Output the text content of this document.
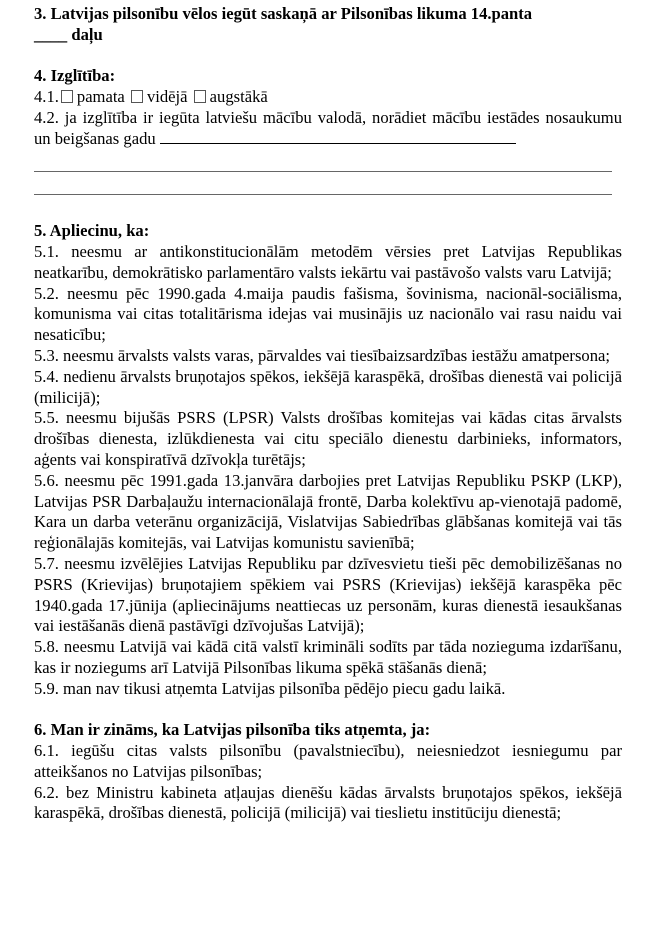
3. Latvijas pilsonību vēlos iegūt saskaņā ar Pilsonības likuma 14.panta
____ daļu

4. Izglītība:

4.1. pamata vidējā augstākā

4.2. ja izglītība ir iegūta latviešu mācību valodā, norādiet mācību iestādes nosaukumu un beigšanas gadu

5. Apliecinu, ka:

5.1. neesmu ar antikonstitucionālām metodēm vērsies pret Latvijas Republikas neatkarību, demokrātisko parlamentāro valsts iekārtu vai pastāvošo valsts varu Latvijā;

5.2. neesmu pēc 1990.gada 4.maija paudis fašisma, šovinisma, nacionāl-sociālisma, komunisma vai citas totalitārisma idejas vai musinājis uz nacionālo vai rasu naidu vai nesaticību;

5.3. neesmu ārvalsts valsts varas, pārvaldes vai tiesībaizsardzības iestāžu amatpersona;

5.4. nedienu ārvalsts bruņotajos spēkos, iekšējā karaspēkā, drošības dienestā vai policijā (milicijā);

5.5. neesmu bijušās PSRS (LPSR) Valsts drošības komitejas vai kādas citas ārvalsts drošības dienesta, izlūkdienesta vai citu speciālo dienestu darbinieks, informators, aģents vai konspiratīvā dzīvokļa turētājs;

5.6. neesmu pēc 1991.gada 13.janvāra darbojies pret Latvijas Republiku PSKP (LKP), Latvijas PSR Darbaļaužu internacionālajā frontē, Darba kolektīvu ap-vienotajā padomē, Kara un darba veterānu organizācijā, Vislatvijas Sabiedrības glābšanas komitejā vai tās reģionālajās komitejās, vai Latvijas komunistu savienībā;

5.7. neesmu izvēlējies Latvijas Republiku par dzīvesvietu tieši pēc demobilizēšanas no PSRS (Krievijas) bruņotajiem spēkiem vai PSRS (Krievijas) iekšējā karaspēka pēc 1940.gada 17.jūnija (apliecinājums neattiecas uz personām, kuras dienestā iesaukšanas vai iestāšanās dienā pastāvīgi dzīvojušas Latvijā);

5.8. neesmu Latvijā vai kādā citā valstī krimināli sodīts par tāda nozieguma izdarīšanu, kas ir noziegums arī Latvijā Pilsonības likuma spēkā stāšanās dienā;

5.9. man nav tikusi atņemta Latvijas pilsonība pēdējo piecu gadu laikā.

6. Man ir zināms, ka Latvijas pilsonība tiks atņemta, ja:

6.1. iegūšu citas valsts pilsonību (pavalstniecību), neiesniedzot iesniegumu par atteikšanos no Latvijas pilsonības;

6.2. bez Ministru kabineta atļaujas dienēšu kādas ārvalsts bruņotajos spēkos, iekšējā karaspēkā, drošības dienestā, policijā (milicijā) vai tieslietu institūciju dienestā;
